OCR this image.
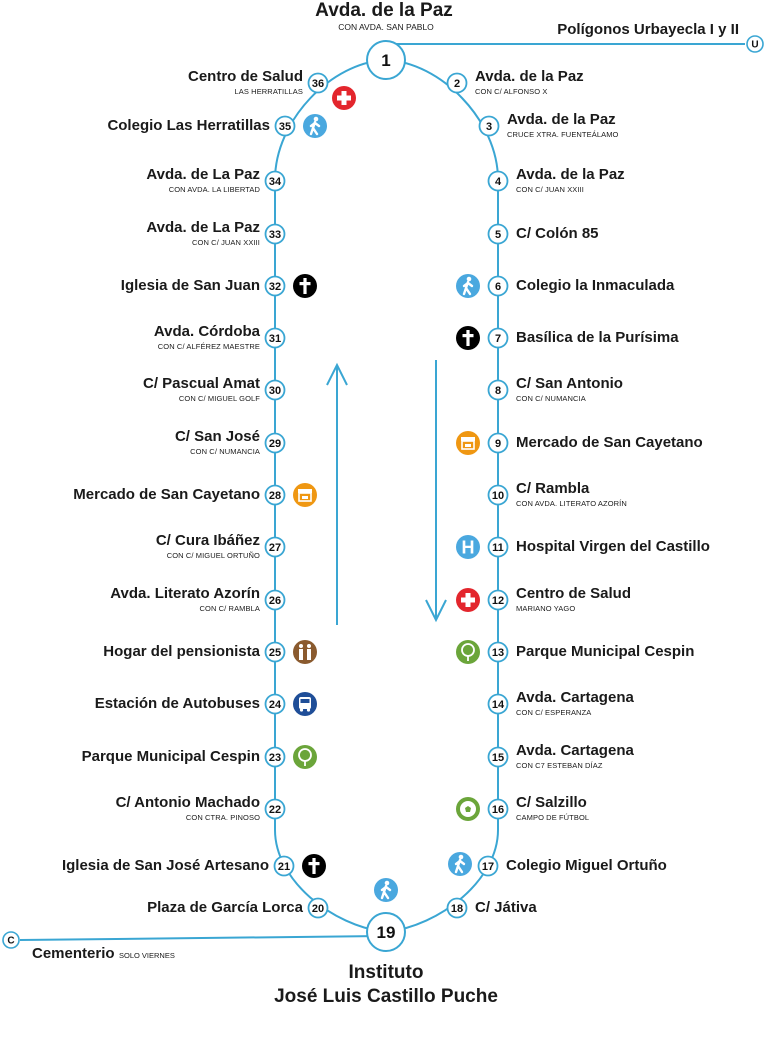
1
19
U
C
2
3
4
5
6
7
8
9
10
11
12
13
14
15
16
17
18
20
21
22
23
24
25
26
27
28
29
30
31
32
33
34
35
36
H
Avda. de la Paz
CON C/ ALFONSO X
Avda. de la Paz
CRUCE XTRA. FUENTEÁLAMO
Avda. de la Paz
CON C/ JUAN XXIII
C/ Colón 85
Colegio la Inmaculada
Basílica de la Purísima
C/ San Antonio
CON C/ NUMANCIA
Mercado de San Cayetano
C/ Rambla
CON AVDA. LITERATO AZORÍN
Hospital Virgen del Castillo
Centro de Salud
MARIANO YAGO
Parque Municipal Cespin
Avda. Cartagena
CON C/ ESPERANZA
Avda. Cartagena
CON C7 ESTEBAN DÍAZ
C/ Salzillo
CAMPO DE FÚTBOL
Colegio Miguel Ortuño
C/ Játiva
Plaza de García Lorca
Iglesia de San José Artesano
C/ Antonio Machado
CON CTRA. PINOSO
Parque Municipal Cespin
Estación de Autobuses
Hogar del pensionista
Avda. Literato Azorín
CON C/ RAMBLA
C/ Cura Ibáñez
CON C/ MIGUEL ORTUÑO
Mercado de San Cayetano
C/ San José
CON C/ NUMANCIA
C/ Pascual Amat
CON C/ MIGUEL GOLF
Avda. Córdoba
CON C/ ALFÉREZ MAESTRE
Iglesia de San Juan
Avda. de La Paz
CON C/ JUAN XXIII
Avda. de La Paz
CON AVDA. LA LIBERTAD
Colegio Las Herratillas
Centro de Salud
LAS HERRATILLAS
Avda. de la Paz
CON AVDA. SAN PABLO	Polígonos Urbayecla I y II
Instituto
José Luis Castillo Puche
Cementerio SOLO VIERNES
